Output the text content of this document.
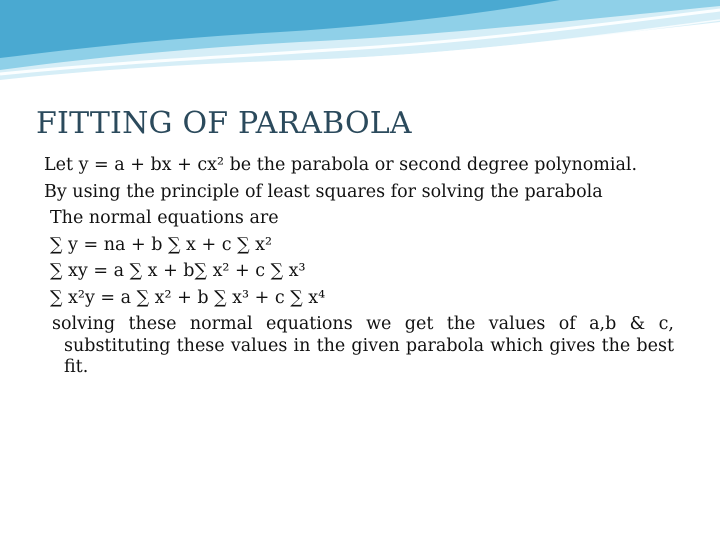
FITTING OF PARABOLA

Let y = a + bx + cx² be the parabola or second degree polynomial.

By using the principle of least squares for solving the parabola

The normal equations are

∑ y = na + b ∑ x + c ∑ x²

∑ xy = a ∑ x + b∑ x² + c ∑ x³

∑ x²y = a ∑ x² + b ∑ x³ + c ∑ x⁴

solving these normal equations we get the values of a,b & c, substituting these values in the given parabola which gives the best fit.
